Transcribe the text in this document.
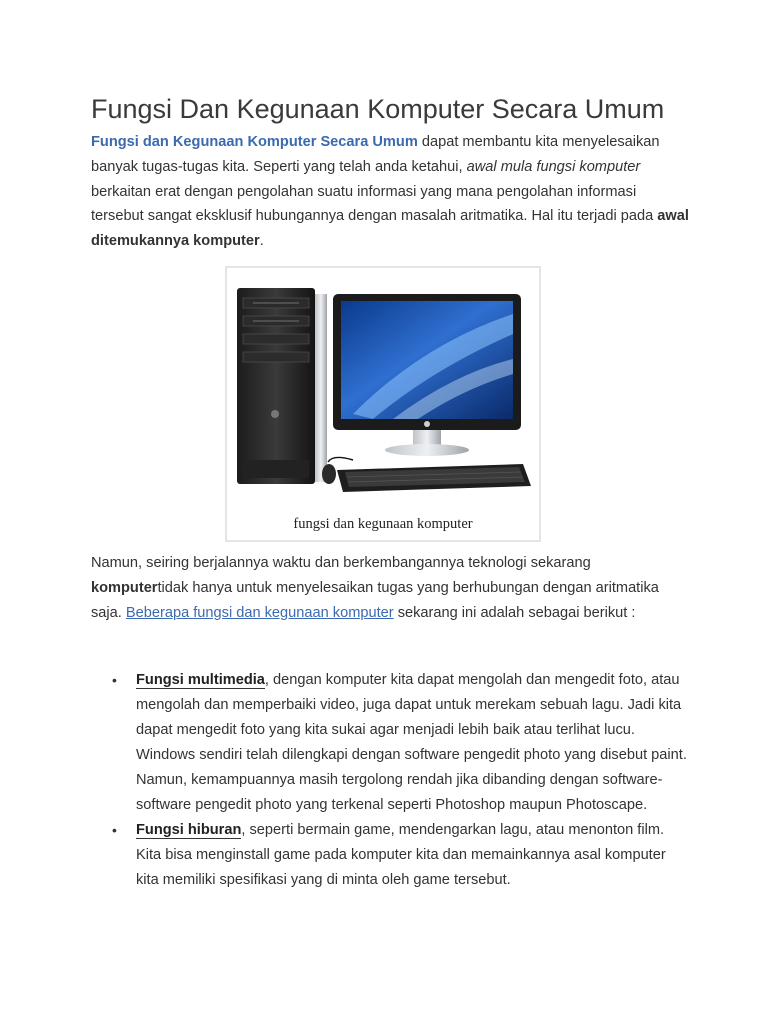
Fungsi Dan Kegunaan Komputer Secara Umum

Fungsi dan Kegunaan Komputer Secara Umum dapat membantu kita menyelesaikan banyak tugas-tugas kita. Seperti yang telah anda ketahui, awal mula fungsi komputer berkaitan erat dengan pengolahan suatu informasi yang mana pengolahan informasi tersebut sangat eksklusif hubungannya dengan masalah aritmatika. Hal itu terjadi pada awal ditemukannya komputer.

fungsi dan kegunaan komputer

Namun, seiring berjalannya waktu dan berkembangannya teknologi sekarang komputertidak hanya untuk menyelesaikan tugas yang berhubungan dengan aritmatika saja. Beberapa fungsi dan kegunaan komputer sekarang ini adalah sebagai berikut :

• Fungsi multimedia, dengan komputer kita dapat mengolah dan mengedit foto, atau mengolah dan memperbaiki video, juga dapat untuk merekam sebuah lagu. Jadi kita dapat mengedit foto yang kita sukai agar menjadi lebih baik atau terlihat lucu. Windows sendiri telah dilengkapi dengan software pengedit photo yang disebut paint. Namun, kemampuannya masih tergolong rendah jika dibanding dengan software-software pengedit photo yang terkenal seperti Photoshop maupun Photoscape.
• Fungsi hiburan, seperti bermain game, mendengarkan lagu, atau menonton film. Kita bisa menginstall game pada komputer kita dan memainkannya asal komputer kita memiliki spesifikasi yang di minta oleh game tersebut.
